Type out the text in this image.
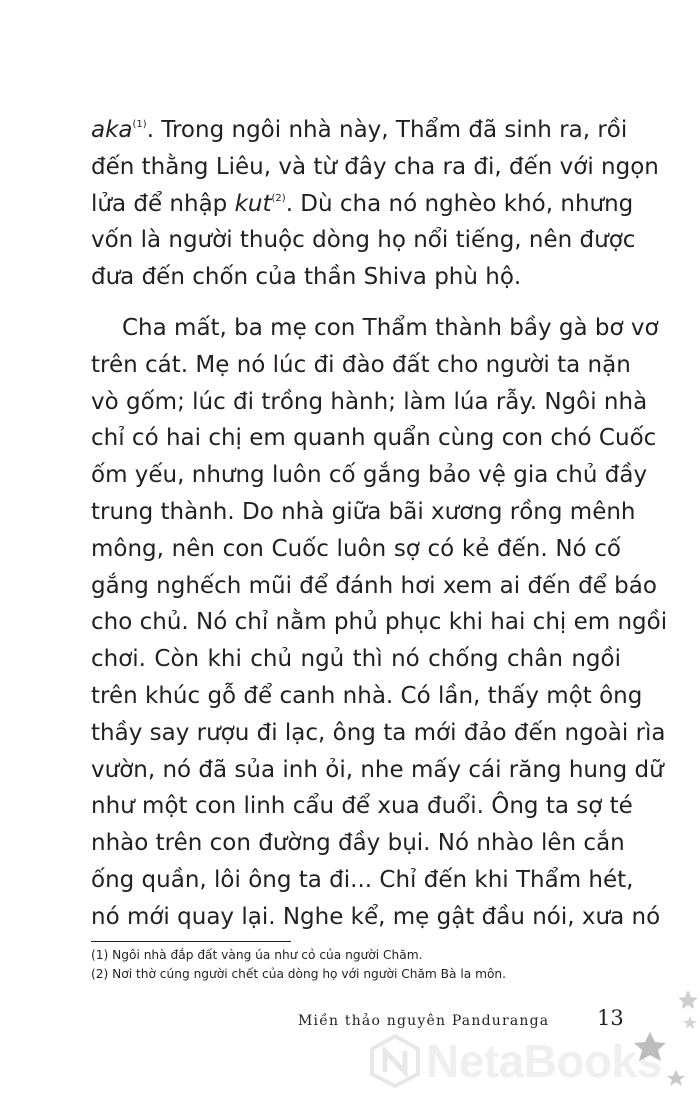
aka$^{(1)}$. Trong ngôi nhà này, Thẩm đã sinh ra, rồi
đến thằng Liêu, và từ đây cha ra đi, đến với ngọn
lửa để nhập kut$^{(2)}$. Dù cha nó nghèo khó, nhưng
vốn là người thuộc dòng họ nổi tiếng, nên được
đưa đến chốn của thần Shiva phù hộ.
Cha mất, ba mẹ con Thẩm thành bầy gà bơ vơ
trên cát. Mẹ nó lúc đi đào đất cho người ta nặn
vò gốm; lúc đi trồng hành; làm lúa rẫy. Ngôi nhà
chỉ có hai chị em quanh quẩn cùng con chó Cuốc
ốm yếu, nhưng luôn cố gắng bảo vệ gia chủ đầy
trung thành. Do nhà giữa bãi xương rồng mênh
mông, nên con Cuốc luôn sợ có kẻ đến. Nó cố
gắng nghếch mũi để đánh hơi xem ai đến để báo
cho chủ. Nó chỉ nằm phủ phục khi hai chị em ngồi
chơi. Còn khi chủ ngủ thì nó chống chân ngồi
trên khúc gỗ để canh nhà. Có lần, thấy một ông
thầy say rượu đi lạc, ông ta mới đảo đến ngoài rìa
vườn, nó đã sủa inh ỏi, nhe mấy cái răng hung dữ
như một con linh cẩu để xua đuổi. Ông ta sợ té
nhào trên con đường đầy bụi. Nó nhào lên cắn
ống quần, lôi ông ta đi... Chỉ đến khi Thẩm hét,
nó mới quay lại. Nghe kể, mẹ gật đầu nói, xưa nó
(1) Ngôi nhà đắp đất vàng úa như cỏ của người Chăm.
(2) Nơi thờ cúng người chết của dòng họ với người Chăm Bà la môn.
Miền thảo nguyên Panduranga 13
NetaBooks
